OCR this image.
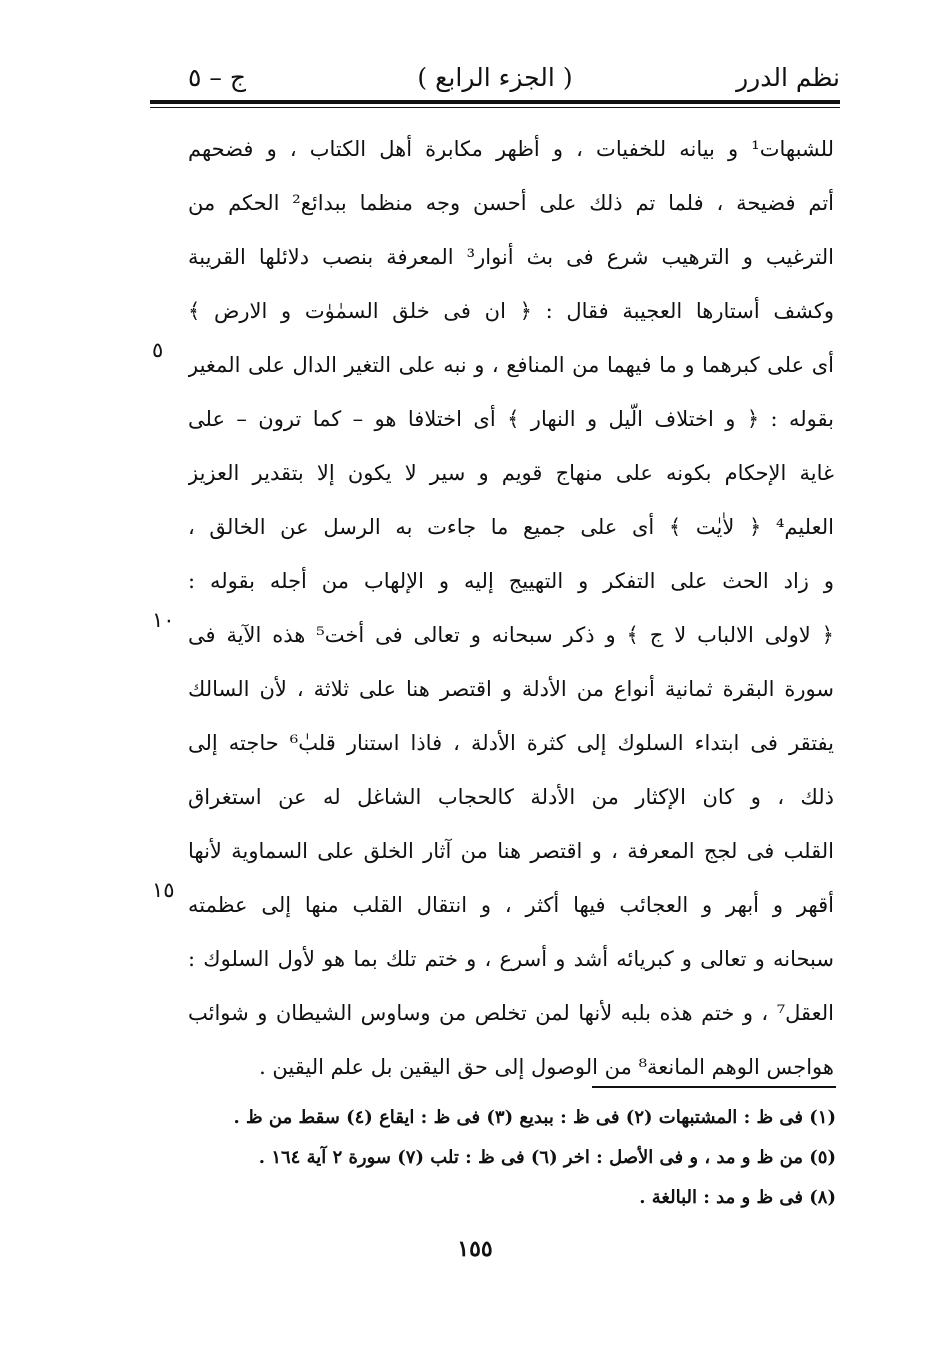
نظم الدرر
( الجزء الرابع )
ج – ٥
للشبهات¹ و بيانه للخفيات ، و أظهر مكابرة أهل الكتاب ، و فضحهم
أتم فضيحة ، فلما تم ذلك على أحسن وجه منظما ببدائع² الحكم من
الترغيب و الترهيب شرع فى بث أنوار³ المعرفة بنصب دلائلها القريبة
وكشف أستارها العجيبة فقال : ﴿ ان فى خلق السمٰوٰت و الارض ﴾
أى على كبرهما و ما فيهما من المنافع ، و نبه على التغير الدال على المغير
بقوله : ﴿ و اختلاف الّيل و النهار ﴾ أى اختلافا هو – كما ترون – على
غاية الإحكام بكونه على منهاج قويم و سير لا يكون إلا بتقدير العزيز
العليم⁴ ﴿ لاٰيٰت ﴾ أى على جميع ما جاءت به الرسل عن الخالق ،
و زاد الحث على التفكر و التهييج إليه و الإلهاب من أجله بقوله :
﴿ لاولى الالباب لا ج ﴾ و ذكر سبحانه و تعالى فى أخت⁵ هذه الآية فى
سورة البقرة ثمانية أنواع من الأدلة و اقتصر هنا على ثلاثة ، لأن السالك
يفتقر فى ابتداء السلوك إلى كثرة الأدلة ، فاذا استنار قلبٰ⁶ حاجته إلى
ذلك ، و كان الإكثار من الأدلة كالحجاب الشاغل له عن استغراق
القلب فى لجج المعرفة ، و اقتصر هنا من آثار الخلق على السماوية لأنها
أقهر و أبهر و العجائب فيها أكثر ، و انتقال القلب منها إلى عظمته
سبحانه و تعالى و كبريائه أشد و أسرع ، و ختم تلك بما هو لأول السلوك :
العقل⁷ ، و ختم هذه بلبه لأنها لمن تخلص من وساوس الشيطان و شوائب
هواجس الوهم المانعة⁸ من الوصول إلى حق اليقين بل علم اليقين .
٥
١٠
١٥
(١) فى ظ : المشتبهات (٢) فى ظ : ببديع (٣) فى ظ : ايقاع (٤) سقط من ظ .
(٥) من ظ و مد ، و فى الأصل : اخر (٦) فى ظ : تلب (٧) سورة ٢ آية ١٦٤ .
(٨) فى ظ و مد : البالغة .
١٥٥
